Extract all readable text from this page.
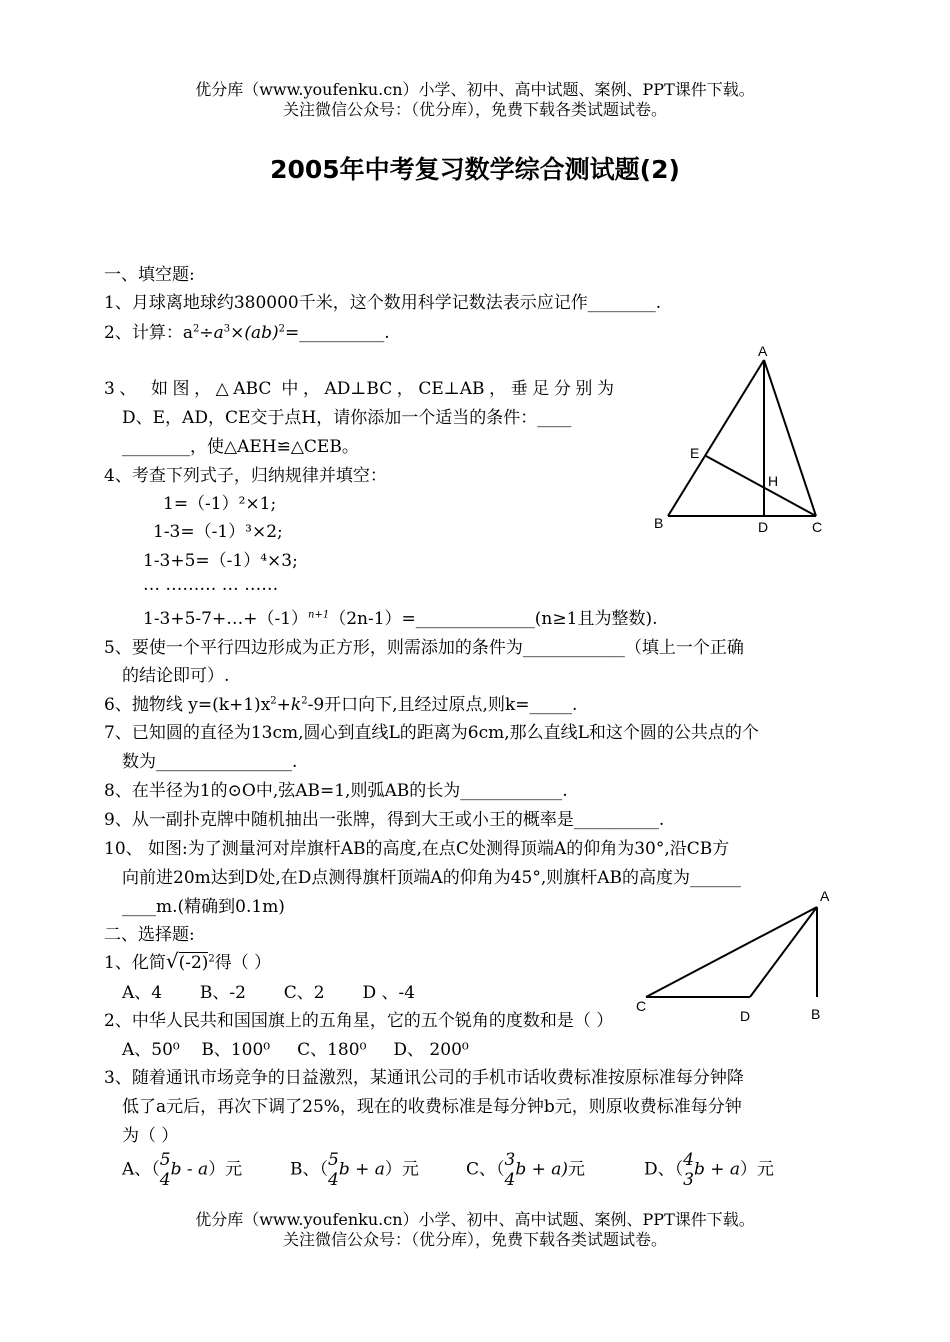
优分库（www.youfenku.cn）小学、初中、高中试题、案例、PPT课件下载。
关注微信公众号：（优分库），免费下载各类试题试卷。
2005年中考复习数学综合测试题(2)
一、填空题:
1、月球离地球约380000千米，这个数用科学记数法表示应记作________.
2、计算：$a^2\div a^3\times(ab)^2=\_\_\_\_\_\_\_\_\_\_$.
3、 如图，△ABC 中，AD⊥BC，CE⊥AB，垂足分别为
D、E，AD，CE交于点H，请你添加一个适当的条件：____
________，使△AEH≌△CEB。
4、考查下列式子，归纳规律并填空：
1=（-1）²×1;
1-3=（-1）³×2;
1-3+5=（-1）⁴×3;
… ……… … ……
$1-3+5-7+\dots+(-1)^{n+1}(2n-1)=\_\_\_\_\_\_\_\_\_\_\_\_\_\_(n\ge 1$且为整数).
5、要使一个平行四边形成为正方形，则需添加的条件为____________（填上一个正确
的结论即可）.
6、抛物线 $y=(k+1)x^2+k^2-9$开口向下,且经过原点,则k=_____.
7、已知圆的直径为13cm,圆心到直线L的距离为6cm,那么直线L和这个圆的公共点的个
数为________________.
8、在半径为1的⊙O中,弦AB=1,则弧AB的长为____________.
9、从一副扑克牌中随机抽出一张牌，得到大王或小王的概率是__________.
10、 如图:为了测量河对岸旗杆AB的高度,在点C处测得顶端A的仰角为30°,沿CB方
向前进20m达到D处,在D点测得旗杆顶端A的仰角为45°,则旗杆AB的高度为______
____m.(精确到0.1m)
二、选择题:
1、化简$√(-2)^2$得（ ）
A、4       B、-2       C、2       D 、-4
2、中华人民共和国国旗上的五角星，它的五个锐角的度数和是（ ）
A、50⁰    B、100⁰     C、180⁰     D、 200⁰
3、随着通讯市场竞争的日益激烈，某通讯公司的手机市话收费标准按原标准每分钟降
低了a元后，再次下调了25%，现在的收费标准是每分钟b元，则原收费标准每分钟
为（ ）
A、（ 5
4
b - a）元	B、（ 5
4
b + a）元	C、（ 3
4
b + a)元	D、（ 4
3
b + a）元
A
B	C
D
E
H
A
B
C
D
优分库（www.youfenku.cn）小学、初中、高中试题、案例、PPT课件下载。
关注微信公众号：（优分库），免费下载各类试题试卷。
